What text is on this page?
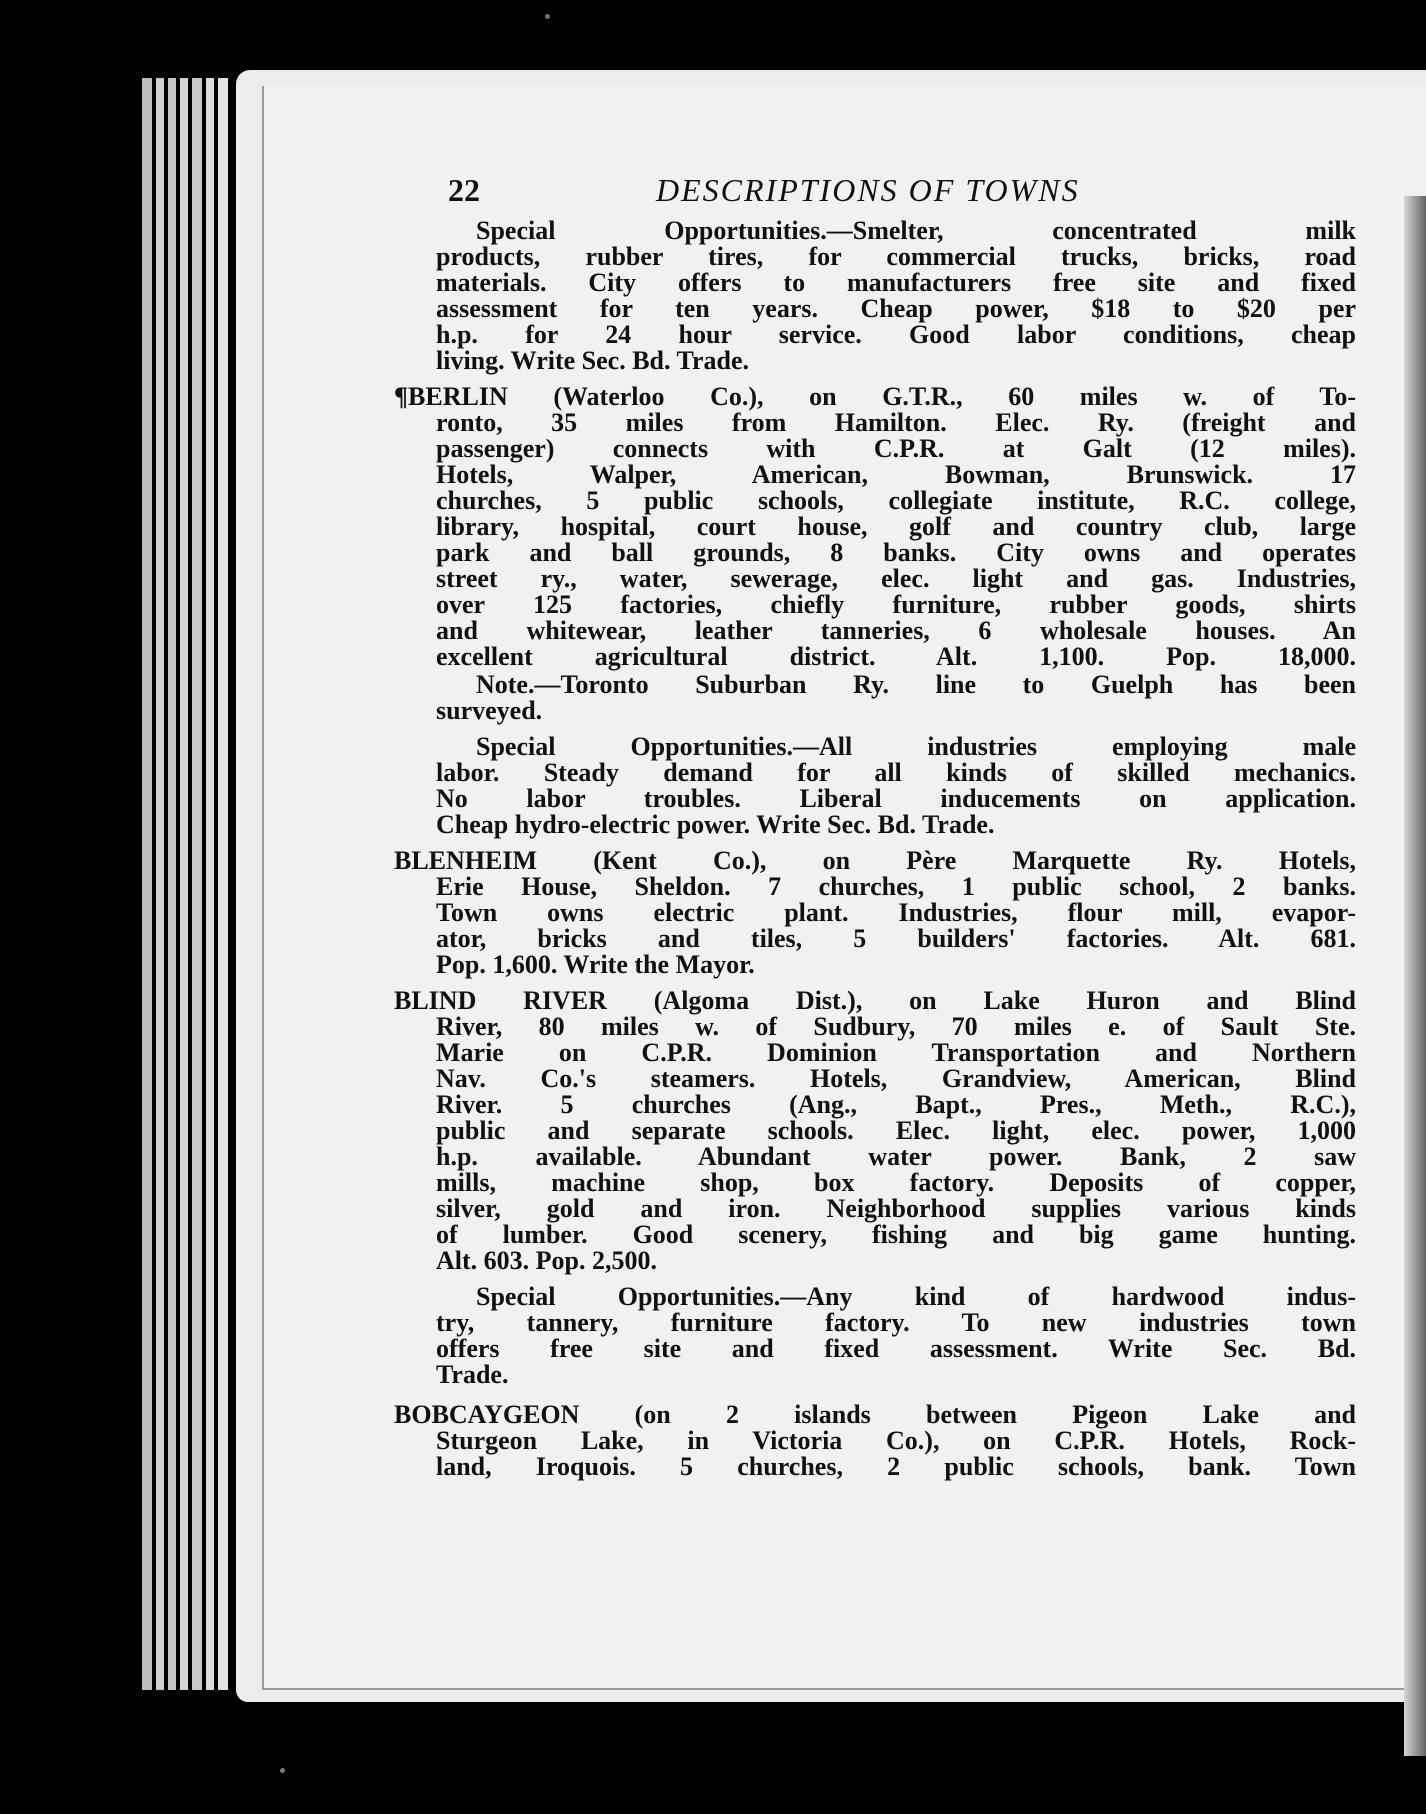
22	DESCRIPTIONS OF TOWNS
Special Opportunities.—Smelter, concentrated milk
products, rubber tires, for commercial trucks, bricks, road
materials. City offers to manufacturers free site and fixed
assessment for ten years. Cheap power, $18 to $20 per
h.p. for 24 hour service. Good labor conditions, cheap
living. Write Sec. Bd. Trade.
¶BERLIN (Waterloo Co.), on G.T.R., 60 miles w. of To-
ronto, 35 miles from Hamilton. Elec. Ry. (freight and
passenger) connects with C.P.R. at Galt (12 miles).
Hotels, Walper, American, Bowman, Brunswick. 17
churches, 5 public schools, collegiate institute, R.C. college,
library, hospital, court house, golf and country club, large
park and ball grounds, 8 banks. City owns and operates
street ry., water, sewerage, elec. light and gas. Industries,
over 125 factories, chiefly furniture, rubber goods, shirts
and whitewear, leather tanneries, 6 wholesale houses. An
excellent agricultural district. Alt. 1,100. Pop. 18,000.
Note.—Toronto Suburban Ry. line to Guelph has been
surveyed.
Special Opportunities.—All industries employing male
labor. Steady demand for all kinds of skilled mechanics.
No labor troubles. Liberal inducements on application.
Cheap hydro-electric power. Write Sec. Bd. Trade.
BLENHEIM (Kent Co.), on Père Marquette Ry. Hotels,
Erie House, Sheldon. 7 churches, 1 public school, 2 banks.
Town owns electric plant. Industries, flour mill, evapor-
ator, bricks and tiles, 5 builders' factories. Alt. 681.
Pop. 1,600. Write the Mayor.
BLIND RIVER (Algoma Dist.), on Lake Huron and Blind
River, 80 miles w. of Sudbury, 70 miles e. of Sault Ste.
Marie on C.P.R. Dominion Transportation and Northern
Nav. Co.'s steamers. Hotels, Grandview, American, Blind
River. 5 churches (Ang., Bapt., Pres., Meth., R.C.),
public and separate schools. Elec. light, elec. power, 1,000
h.p. available. Abundant water power. Bank, 2 saw
mills, machine shop, box factory. Deposits of copper,
silver, gold and iron. Neighborhood supplies various kinds
of lumber. Good scenery, fishing and big game hunting.
Alt. 603. Pop. 2,500.
Special Opportunities.—Any kind of hardwood indus-
try, tannery, furniture factory. To new industries town
offers free site and fixed assessment. Write Sec. Bd.
Trade.
BOBCAYGEON (on 2 islands between Pigeon Lake and
Sturgeon Lake, in Victoria Co.), on C.P.R. Hotels, Rock-
land, Iroquois. 5 churches, 2 public schools, bank. Town
